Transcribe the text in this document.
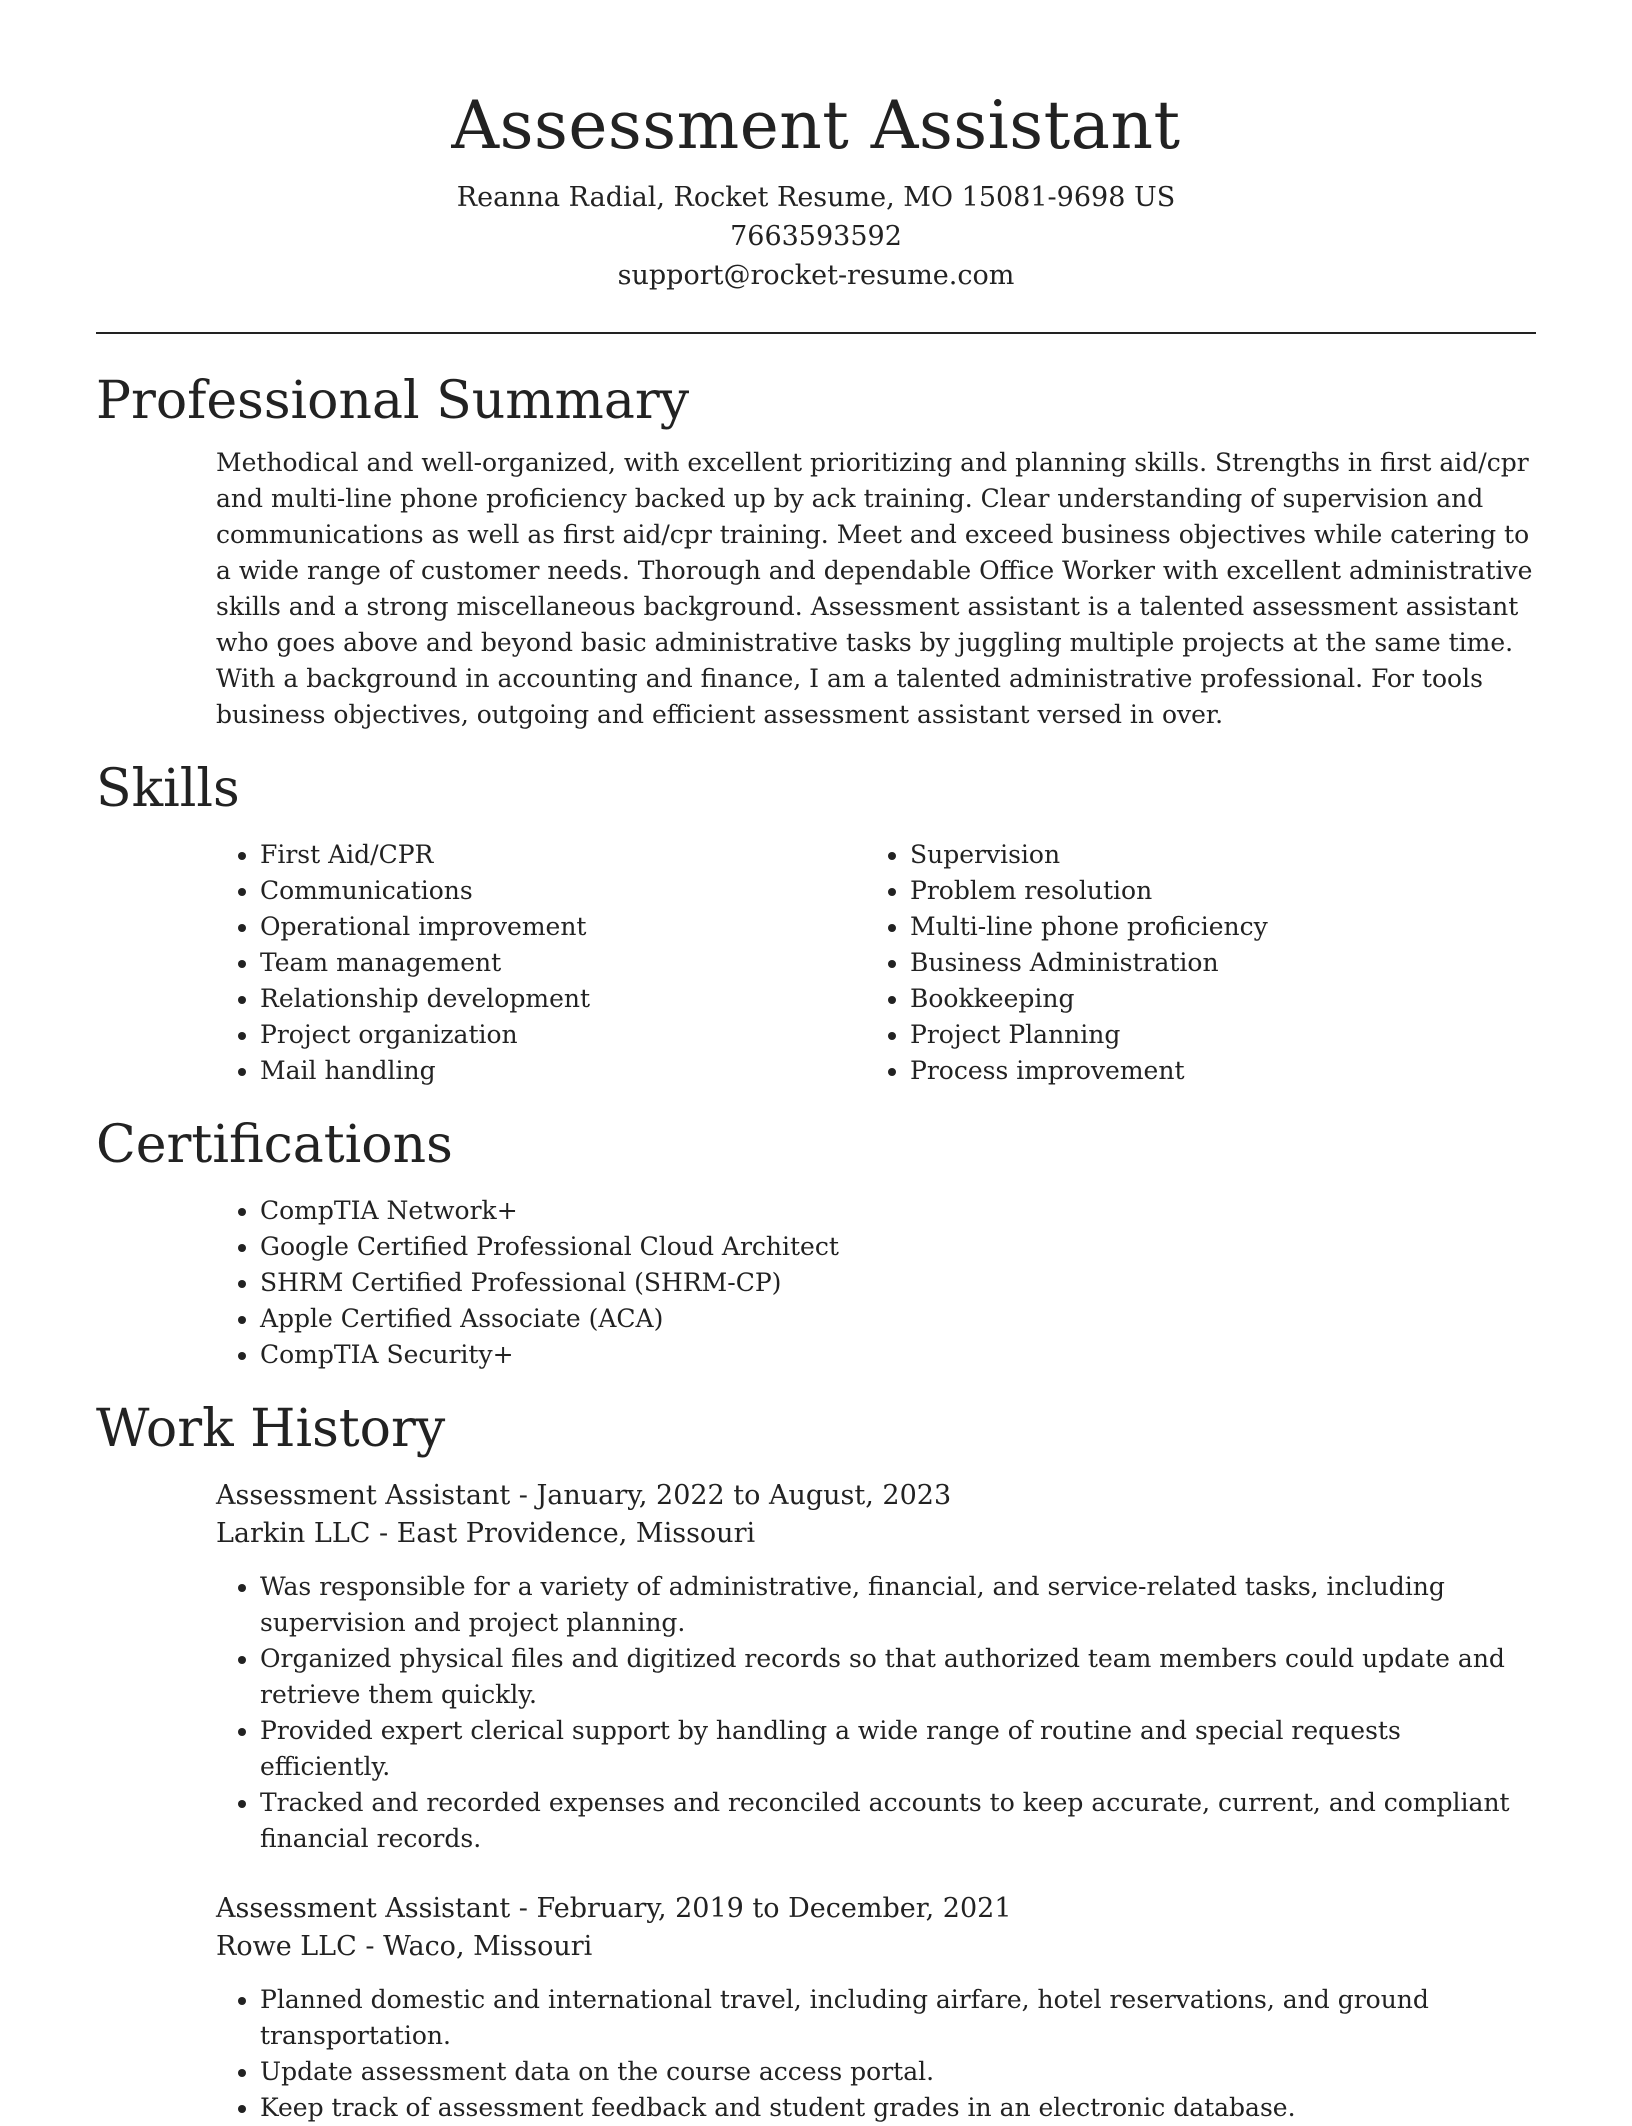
Assessment Assistant
Reanna Radial, Rocket Resume, MO 15081-9698 US
7663593592
support@rocket-resume.com
Professional Summary

Methodical and well-organized, with excellent prioritizing and planning skills. Strengths in first aid/cpr and multi-line phone proficiency backed up by ack training. Clear understanding of supervision and communications as well as first aid/cpr training. Meet and exceed business objectives while catering to a wide range of customer needs. Thorough and dependable Office Worker with excellent administrative skills and a strong miscellaneous background. Assessment assistant is a talented assessment assistant who goes above and beyond basic administrative tasks by juggling multiple projects at the same time. With a background in accounting and finance, I am a talented administrative professional. For tools business objectives, outgoing and efficient assessment assistant versed in over.

Skills
• First Aid/CPR
• Communications
• Operational improvement
• Team management
• Relationship development
• Project organization
• Mail handling
• Supervision
• Problem resolution
• Multi-line phone proficiency
• Business Administration
• Bookkeeping
• Project Planning
• Process improvement
Certifications
• CompTIA Network+
• Google Certified Professional Cloud Architect
• SHRM Certified Professional (SHRM-CP)
• Apple Certified Associate (ACA)
• CompTIA Security+
Work History
Assessment Assistant - January, 2022 to August, 2023
Larkin LLC - East Providence, Missouri
• Was responsible for a variety of administrative, financial, and service-related tasks, including supervision and project planning.
• Organized physical files and digitized records so that authorized team members could update and retrieve them quickly.
• Provided expert clerical support by handling a wide range of routine and special requests efficiently.
• Tracked and recorded expenses and reconciled accounts to keep accurate, current, and compliant financial records.
Assessment Assistant - February, 2019 to December, 2021
Rowe LLC - Waco, Missouri
• Planned domestic and international travel, including airfare, hotel reservations, and ground transportation.
• Update assessment data on the course access portal.
• Keep track of assessment feedback and student grades in an electronic database.
